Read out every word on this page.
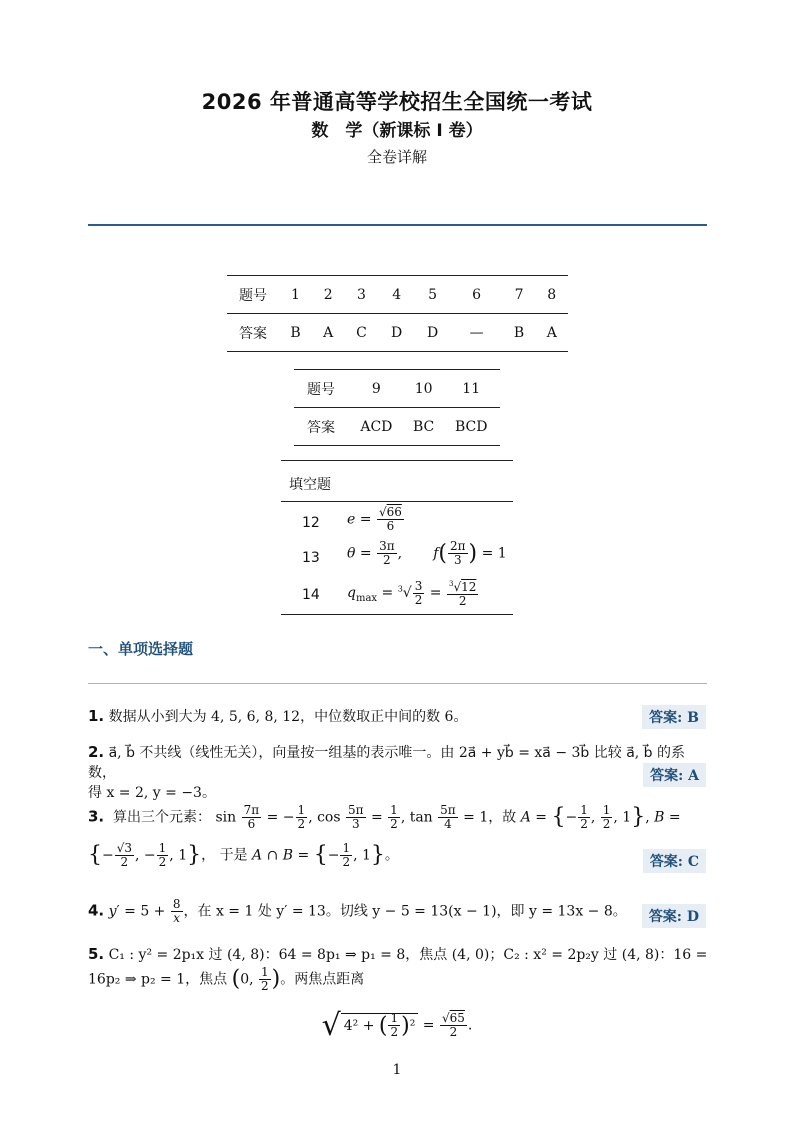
2026 年普通高等学校招生全国统一考试
数　学（新课标 I 卷）
全卷详解
题号	1	2	3	4	5	6	7	8
答案	B	A	C	D	D	—	B	A
题号	9	10	11
答案	ACD	BC	BCD
填空题
12 $e = \frac{√66}{6}$
13 $\theta = \frac{3\pi}{2}$ ,       $f( \frac{2\pi}{3}$ ) = 1
14 $q_{max} = ^3√ \frac{3}{2} = \frac{^3√12}{2}$
一、单项选择题
1. 数据从小到大为 4, 5, 6, 8, 12，中位数取正中间的数 6。	答案: B
2. a⃗, b⃗ 不共线（线性无关），向量按一组基的表示唯一。由 2a⃗ + yb⃗ = xa⃗ − 3b⃗ 比较 a⃗, b⃗ 的系数，
得 x = 2, y = −3。
答案: A
3. 算出三个元素： $\sin \frac{7\pi}{6}$ = − $\frac{1}{2}$ , $\cos \frac{5\pi}{3} = \frac{1}{2}$ , $\tan \frac{5\pi}{4} = 1$，故 A = {− $\frac{1}{2}$ , $\frac{1}{2}$ , 1}, B =
{− $\frac{√3}{2}$ , − $\frac{1}{2}$ , 1}， 于是 A ∩ B = {− $\frac{1}{2}$ , 1}。	答案: C
4. $y' = 5 + \frac{8}{x}$ ，在 x = 1 处 y′ = 13。切线 y − 5 = 13(x − 1)，即 y = 13x − 8。	答案: D
5. C₁ : y² = 2p₁x 过 (4, 8)：64 = 8p₁ ⇒ p₁ = 8，焦点 (4, 0)；C₂ : x² = 2p₂y 过 (4, 8)：16 =
16p₂ ⇒ p₂ = 1，焦点 (0, $\frac{1}{2}$ )。两焦点距离
√ 4² + ( $\frac{1}{2} )^2 = \frac{√65}{2}$ .
1
